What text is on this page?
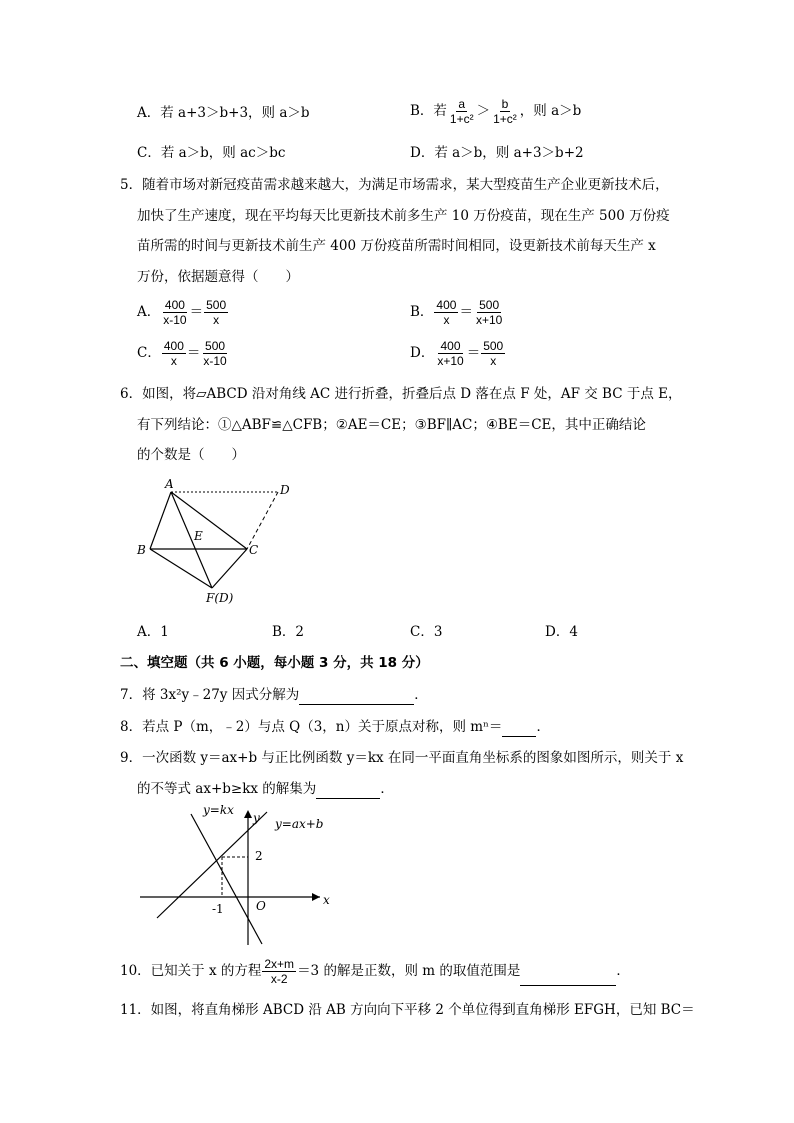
A．若 a+3＞b+3，则 a＞b	B．若 $\frac{a}{\text{1+c²}} > \frac{b}{\text{1+c²}}$ ，则 a＞b
C．若 a＞b，则 ac＞bc	D．若 a＞b，则 a+3＞b+2
5．随着市场对新冠疫苗需求越来越大，为满足市场需求，某大型疫苗生产企业更新技术后，
加快了生产速度，现在平均每天比更新技术前多生产 10 万份疫苗，现在生产 500 万份疫
苗所需的时间与更新技术前生产 400 万份疫苗所需时间相同，设更新技术前每天生产 x
万份，依据题意得（　　）
A． $\frac{400}{x-10} = \frac{500}{x}$	B． $\frac{400}{x} = \frac{500}{x+10}$
C． $\frac{400}{x} = \frac{500}{x-10}$	D． $\frac{400}{x+10} = \frac{500}{x}$
6．如图，将▱ABCD 沿对角线 AC 进行折叠，折叠后点 D 落在点 F 处，AF 交 BC 于点 E，
有下列结论：①△ABF≌△CFB；②AE＝CE；③BF∥AC；④BE＝CE，其中正确结论
的个数是（　　）
A	D
B
E
C
F(D)
A．1	B．2	C．3	D．4
二、填空题（共 6 小题，每小题 3 分，共 18 分）
7．将 3x²y﹣27y 因式分解为	．
8．若点 P（m，﹣2）与点 Q（3，n）关于原点对称，则 mⁿ＝	．
9．一次函数 y＝ax+b 与正比例函数 y＝kx 在同一平面直角坐标系的图象如图所示，则关于 x
的不等式 ax+b≥kx 的解集为	．
y=kx
y y=ax+b
2
x
-1	O
10．已知关于 x 的方程 $\frac{2x+m}{x-2} =3$ 的解是正数，则 m 的取值范围是	．
11．如图，将直角梯形 ABCD 沿 AB 方向向下平移 2 个单位得到直角梯形 EFGH，已知 BC＝
